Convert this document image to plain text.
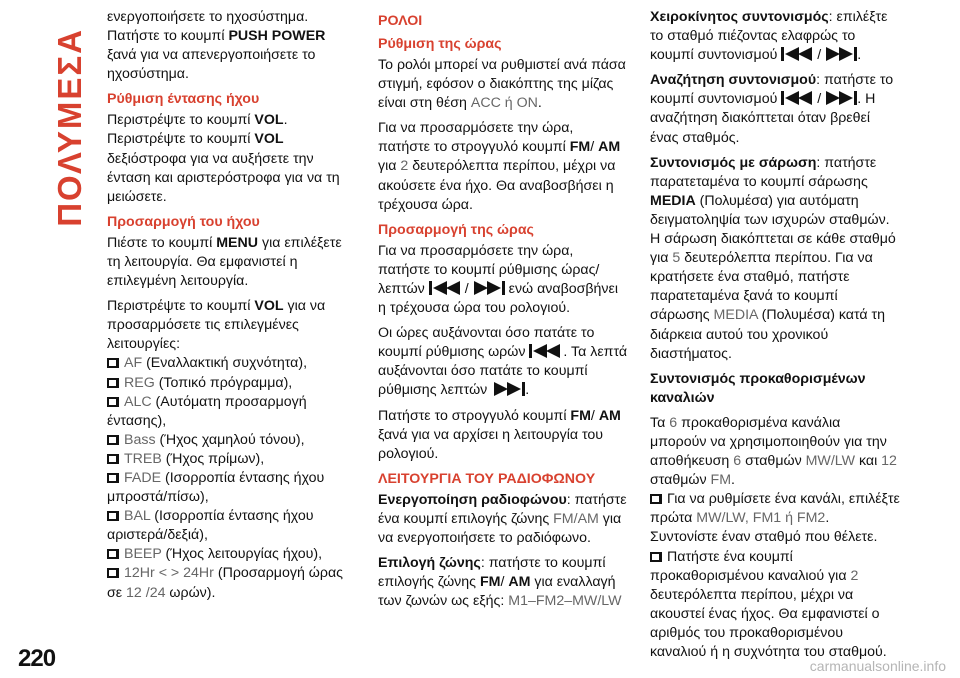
ΠΟΛΥΜΕΣΑ
220

ενεργοποιήσετε το ηχοσύστημα.
Πατήστε το κουμπί PUSH POWER ξανά για να απενεργοποιήσετε το ηχοσύστημα.

Ρύθμιση έντασης ήχου

Περιστρέψτε το κουμπί VOL. Περιστρέψτε το κουμπί VOL δεξιόστροφα για να αυξήσετε την ένταση και αριστερόστροφα για να τη μειώσετε.

Προσαρμογή του ήχου

Πιέστε το κουμπί MENU για επιλέξετε τη λειτουργία. Θα εμφανιστεί η επιλεγμένη λειτουργία.

Περιστρέψτε το κουμπί VOL για να προσαρμόσετε τις επιλεγμένες λειτουργίες:

AF (Εναλλακτική συχνότητα),
REG (Τοπικό πρόγραμμα),
ALC (Αυτόματη προσαρμογή έντασης),
Bass (Ήχος χαμηλού τόνου),
TREB (Ήχος πρίμων),
FADE (Ισορροπία έντασης ήχου μπροστά/πίσω),
BAL (Ισορροπία έντασης ήχου αριστερά/δεξιά),
BEEP (Ήχος λειτουργίας ήχου),
12Hr < > 24Hr (Προσαρμογή ώρας σε 12 /24 ωρών).
ΡΟΛΟΙ
Ρύθμιση της ώρας

Το ρολόι μπορεί να ρυθμιστεί ανά πάσα στιγμή, εφόσον ο διακόπτης της μίζας είναι στη θέση ACC ή ON.

Για να προσαρμόσετε την ώρα, πατήστε το στρογγυλό κουμπί FM/ AM για 2 δευτερόλεπτα περίπου, μέχρι να ακούσετε ένα ήχο. Θα αναβοσβήσει η τρέχουσα ώρα.

Προσαρμογή της ώρας

Για να προσαρμόσετε την ώρα, πατήστε το κουμπί ρύθμισης ώρας/λεπτών	/	ενώ αναβοσβήνει η τρέχουσα ώρα του ρολογιού.

Οι ώρες αυξάνονται όσο πατάτε το κουμπί ρύθμισης ωρών
. Τα λεπτά αυξάνονται όσο πατάτε το κουμπί ρύθμισης λεπτών
.

Πατήστε το στρογγυλό κουμπί FM/ AM ξανά για να αρχίσει η λειτουργία του ρολογιού.

ΛΕΙΤΟΥΡΓΙΑ ΤΟΥ ΡΑΔΙΟΦΩΝΟΥ

Ενεργοποίηση ραδιοφώνου: πατήστε ένα κουμπί επιλογής ζώνης FM/AM για να ενεργοποιήσετε το ραδιόφωνο.

Επιλογή ζώνης: πατήστε το κουμπί επιλογής ζώνης FM/ AM για εναλλαγή των ζωνών ως εξής: M1–FM2–MW/LW

Χειροκίνητος συντονισμός: επιλέξτε το σταθμό πιέζοντας ελαφρώς το κουμπί συντονισμού	/	.

Αναζήτηση συντονισμού: πατήστε το κουμπί συντονισμού	/	. Η αναζήτηση διακόπτεται όταν βρεθεί ένας σταθμός.

Συντονισμός με σάρωση: πατήστε παρατεταμένα το κουμπί σάρωσης MEDIA (Πολυμέσα) για αυτόματη δειγματοληψία των ισχυρών σταθμών. Η σάρωση διακόπτεται σε κάθε σταθμό για 5 δευτερόλεπτα περίπου. Για να κρατήσετε ένα σταθμό, πατήστε παρατεταμένα ξανά το κουμπί σάρωσης MEDIA (Πολυμέσα) κατά τη διάρκεια αυτού του χρονικού διαστήματος.

Συντονισμός προκαθορισμένων καναλιών

Τα 6 προκαθορισμένα κανάλια μπορούν να χρησιμοποιηθούν για την αποθήκευση 6 σταθμών MW/LW και 12 σταθμών FM.

Για να ρυθμίσετε ένα κανάλι, επιλέξτε πρώτα MW/LW, FM1 ή FM2. Συντονίστε έναν σταθμό που θέλετε.
Πατήστε ένα κουμπί προκαθορισμένου καναλιού για 2 δευτερόλεπτα περίπου, μέχρι να ακουστεί ένας ήχος. Θα εμφανιστεί ο αριθμός του προκαθορισμένου καναλιού ή η συχνότητα του σταθμού.
carmanualsonline.info
